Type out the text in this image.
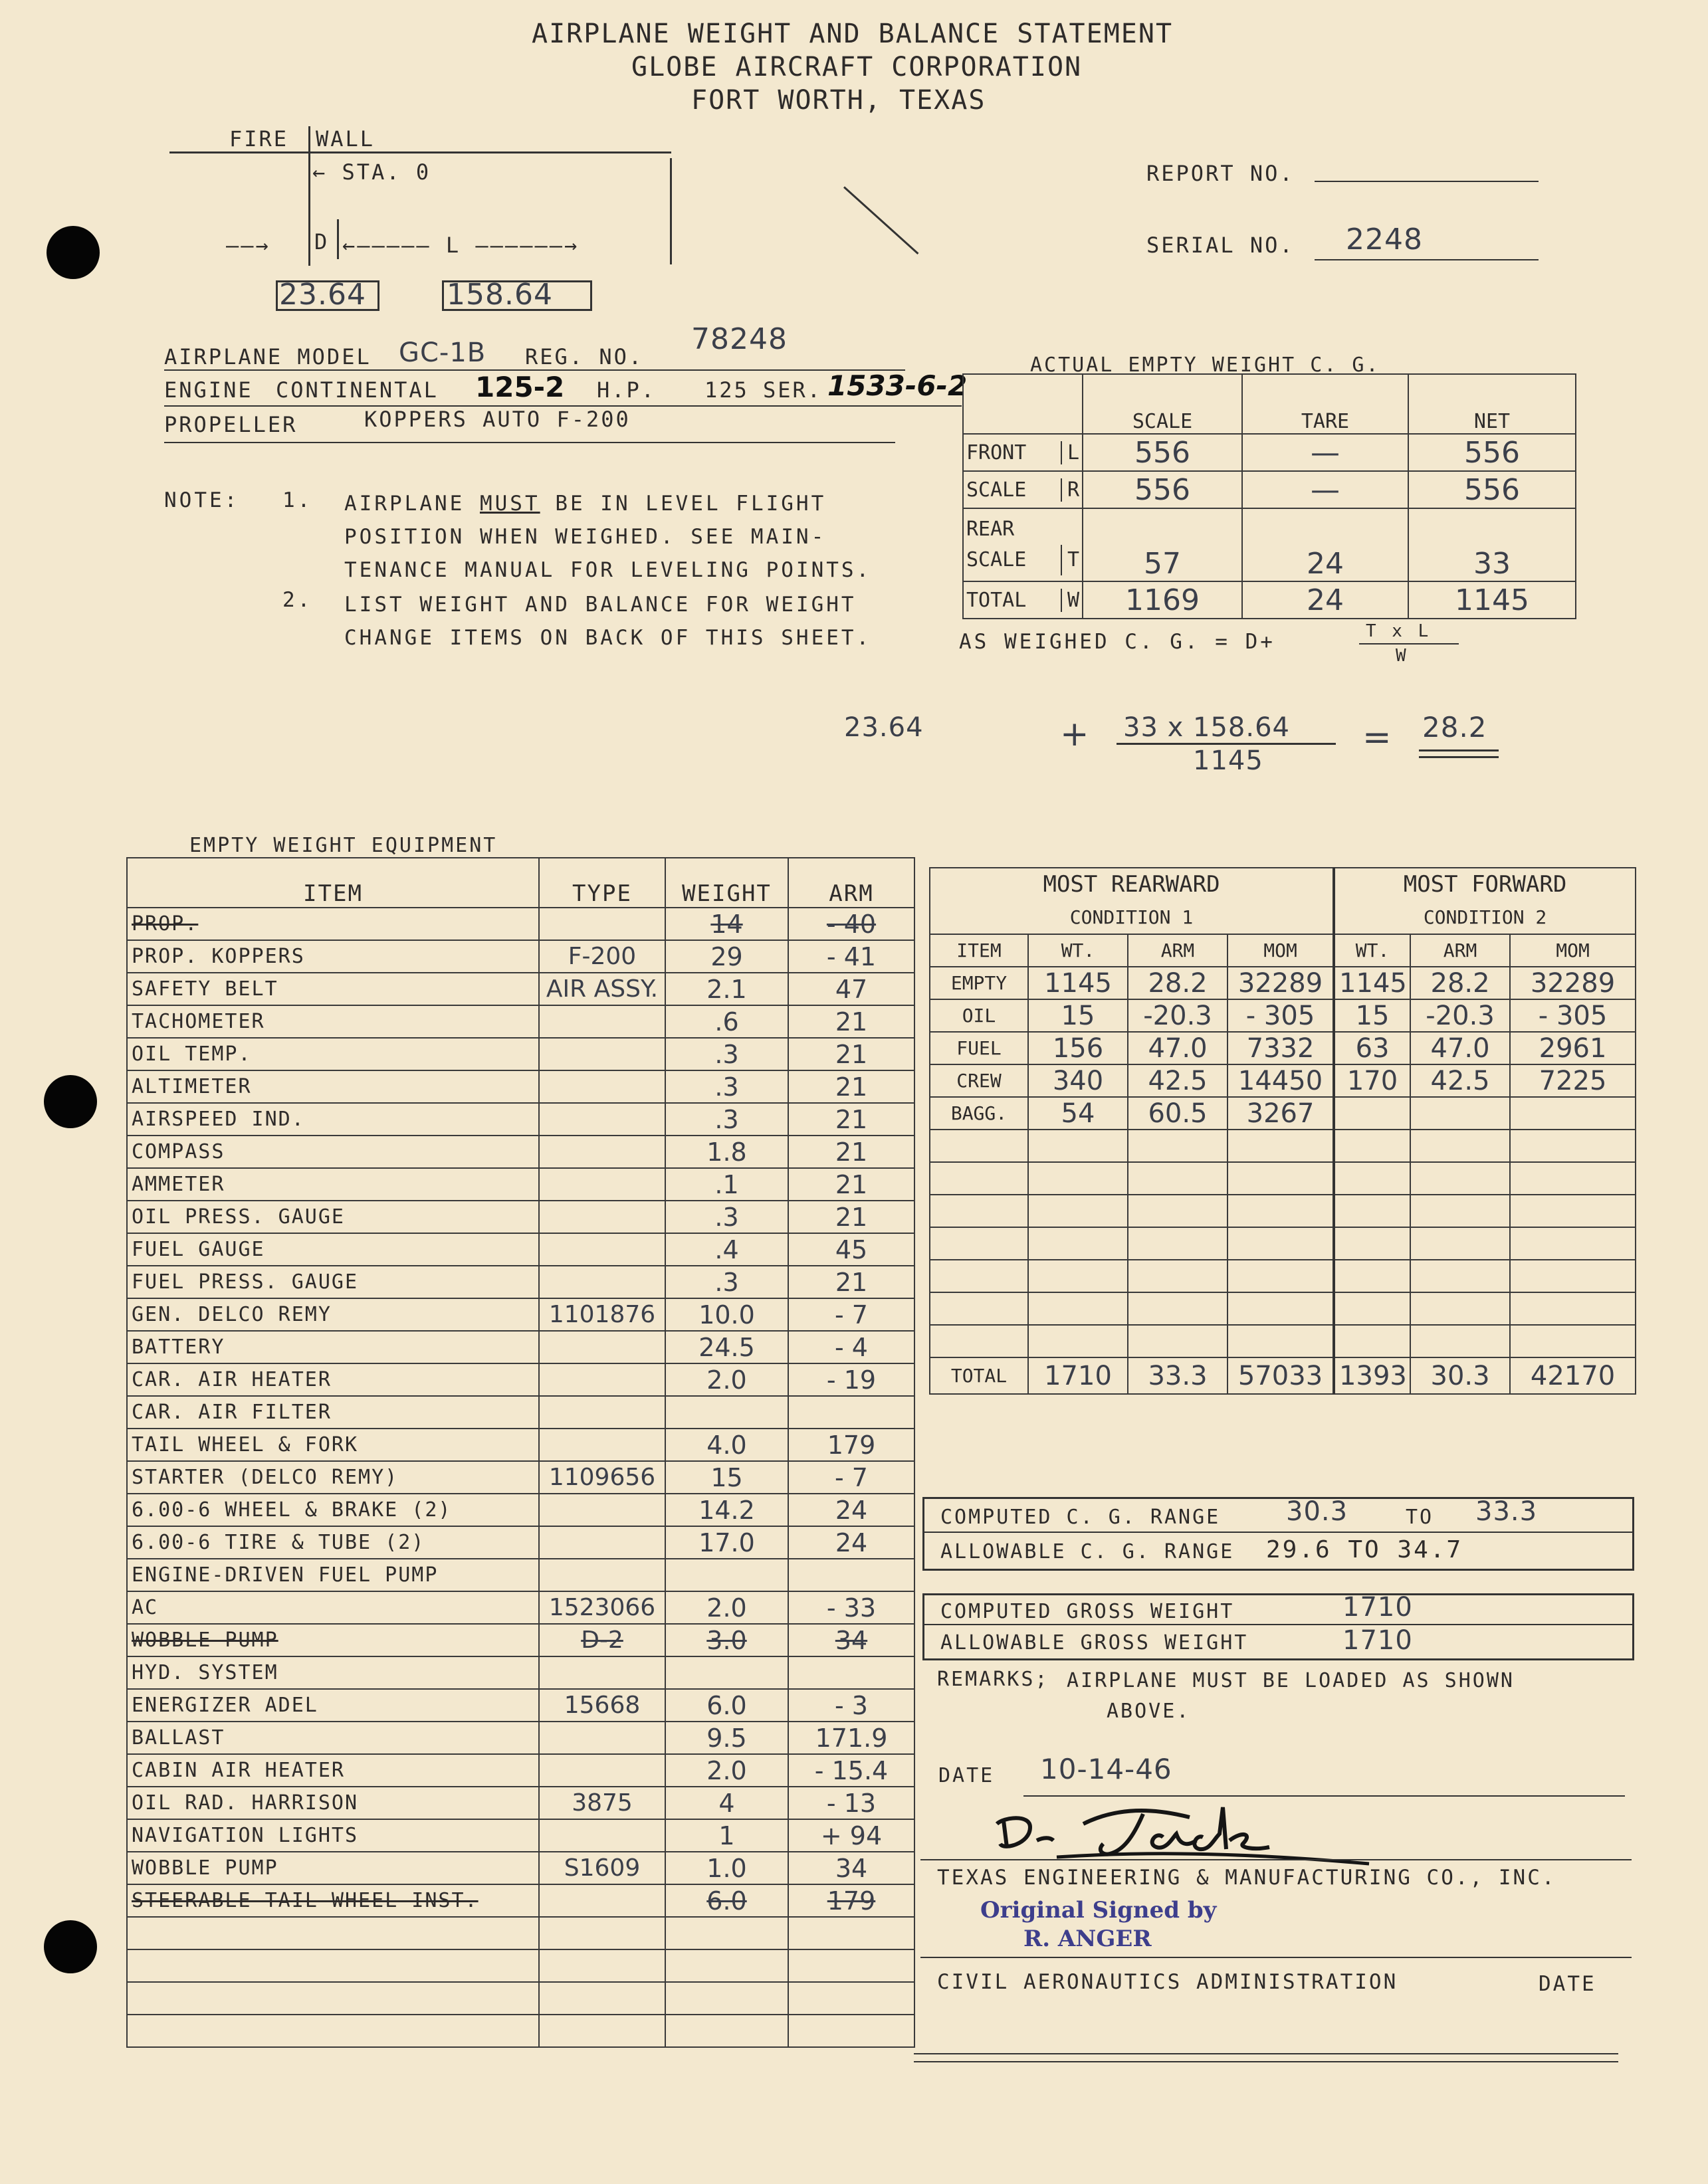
AIRPLANE WEIGHT AND BALANCE STATEMENT
GLOBE AIRCRAFT CORPORATION
FORT WORTH, TEXAS
FIRE WALL
← STA. 0
——→ D ←————— L ——————→
23.64	158.64
REPORT NO.
SERIAL NO. 2248
AIRPLANE MODEL GC-1B REG. NO.
78248
ENGINE CONTINENTAL 125-2 H.P. 125 SER. 1533-6-2
PROPELLER	KOPPERS AUTO F-200
NOTE: 1. AIRPLANE MUST BE IN LEVEL FLIGHT
POSITION WHEN WEIGHED. SEE MAIN-
TENANCE MANUAL FOR LEVELING POINTS.
2. LIST WEIGHT AND BALANCE FOR WEIGHT
CHANGE ITEMS ON BACK OF THIS SHEET.
ACTUAL EMPTY WEIGHT C. G.
	SCALE	TARE	NET
FRONT L	556	—	556
SCALE R	556	—	556
REAR
SCALE T	57	24	33
TOTAL W	1169	24	1145
AS WEIGHED C. G. = D+	T x L
W
23.64	+ 33 x 158.64
1145
= 28.2
EMPTY WEIGHT EQUIPMENT
ITEM	TYPE	WEIGHT	ARM
PROP.		14	- 40
PROP. KOPPERS	F-200	29	- 41
SAFETY BELT	AIR ASSY.	2.1	47
TACHOMETER		.6	21
OIL TEMP.		.3	21
ALTIMETER		.3	21
AIRSPEED IND.		.3	21
COMPASS		1.8	21
AMMETER		.1	21
OIL PRESS. GAUGE		.3	21
FUEL GAUGE		.4	45
FUEL PRESS. GAUGE		.3	21
GEN. DELCO REMY	1101876	10.0	- 7
BATTERY		24.5	- 4
CAR. AIR HEATER		2.0	- 19
CAR. AIR FILTER			
TAIL WHEEL & FORK		4.0	179
STARTER (DELCO REMY)	1109656	15	- 7
6.00-6 WHEEL & BRAKE (2)		14.2	24
6.00-6 TIRE & TUBE (2)		17.0	24
ENGINE-DRIVEN FUEL PUMP			
AC	1523066	2.0	- 33
WOBBLE PUMP	D-2	3.0	34
HYD. SYSTEM			
ENERGIZER ADEL	15668	6.0	- 3
BALLAST		9.5	171.9
CABIN AIR HEATER		2.0	- 15.4
OIL RAD. HARRISON	3875	4	- 13
NAVIGATION LIGHTS		1	+ 94
WOBBLE PUMP	S1609	1.0	34
STEERABLE TAIL WHEEL INST.		6.0	179

MOST REARWARD
CONDITION 1				MOST FORWARD
CONDITION 2		
ITEM	WT.	ARM	MOM	WT.	ARM	MOM
EMPTY	1145	28.2	32289	1145	28.2	32289
OIL	15	-20.3	- 305	15	-20.3	- 305
FUEL	156	47.0	7332	63	47.0	2961
CREW	340	42.5	14450	170	42.5	7225
BAGG.	54	60.5	3267			

TOTAL	1710	33.3	57033	1393	30.3	42170
COMPUTED C. G. RANGE 30.3	TO 33.3
ALLOWABLE C. G. RANGE 29.6 TO 34.7
COMPUTED GROSS WEIGHT	1710
ALLOWABLE GROSS WEIGHT	1710
REMARKS; AIRPLANE MUST BE LOADED AS SHOWN
ABOVE.
DATE 10-14-46
TEXAS ENGINEERING & MANUFACTURING CO., INC.
Original Signed by
R. ANGER
CIVIL AERONAUTICS ADMINISTRATION	DATE
